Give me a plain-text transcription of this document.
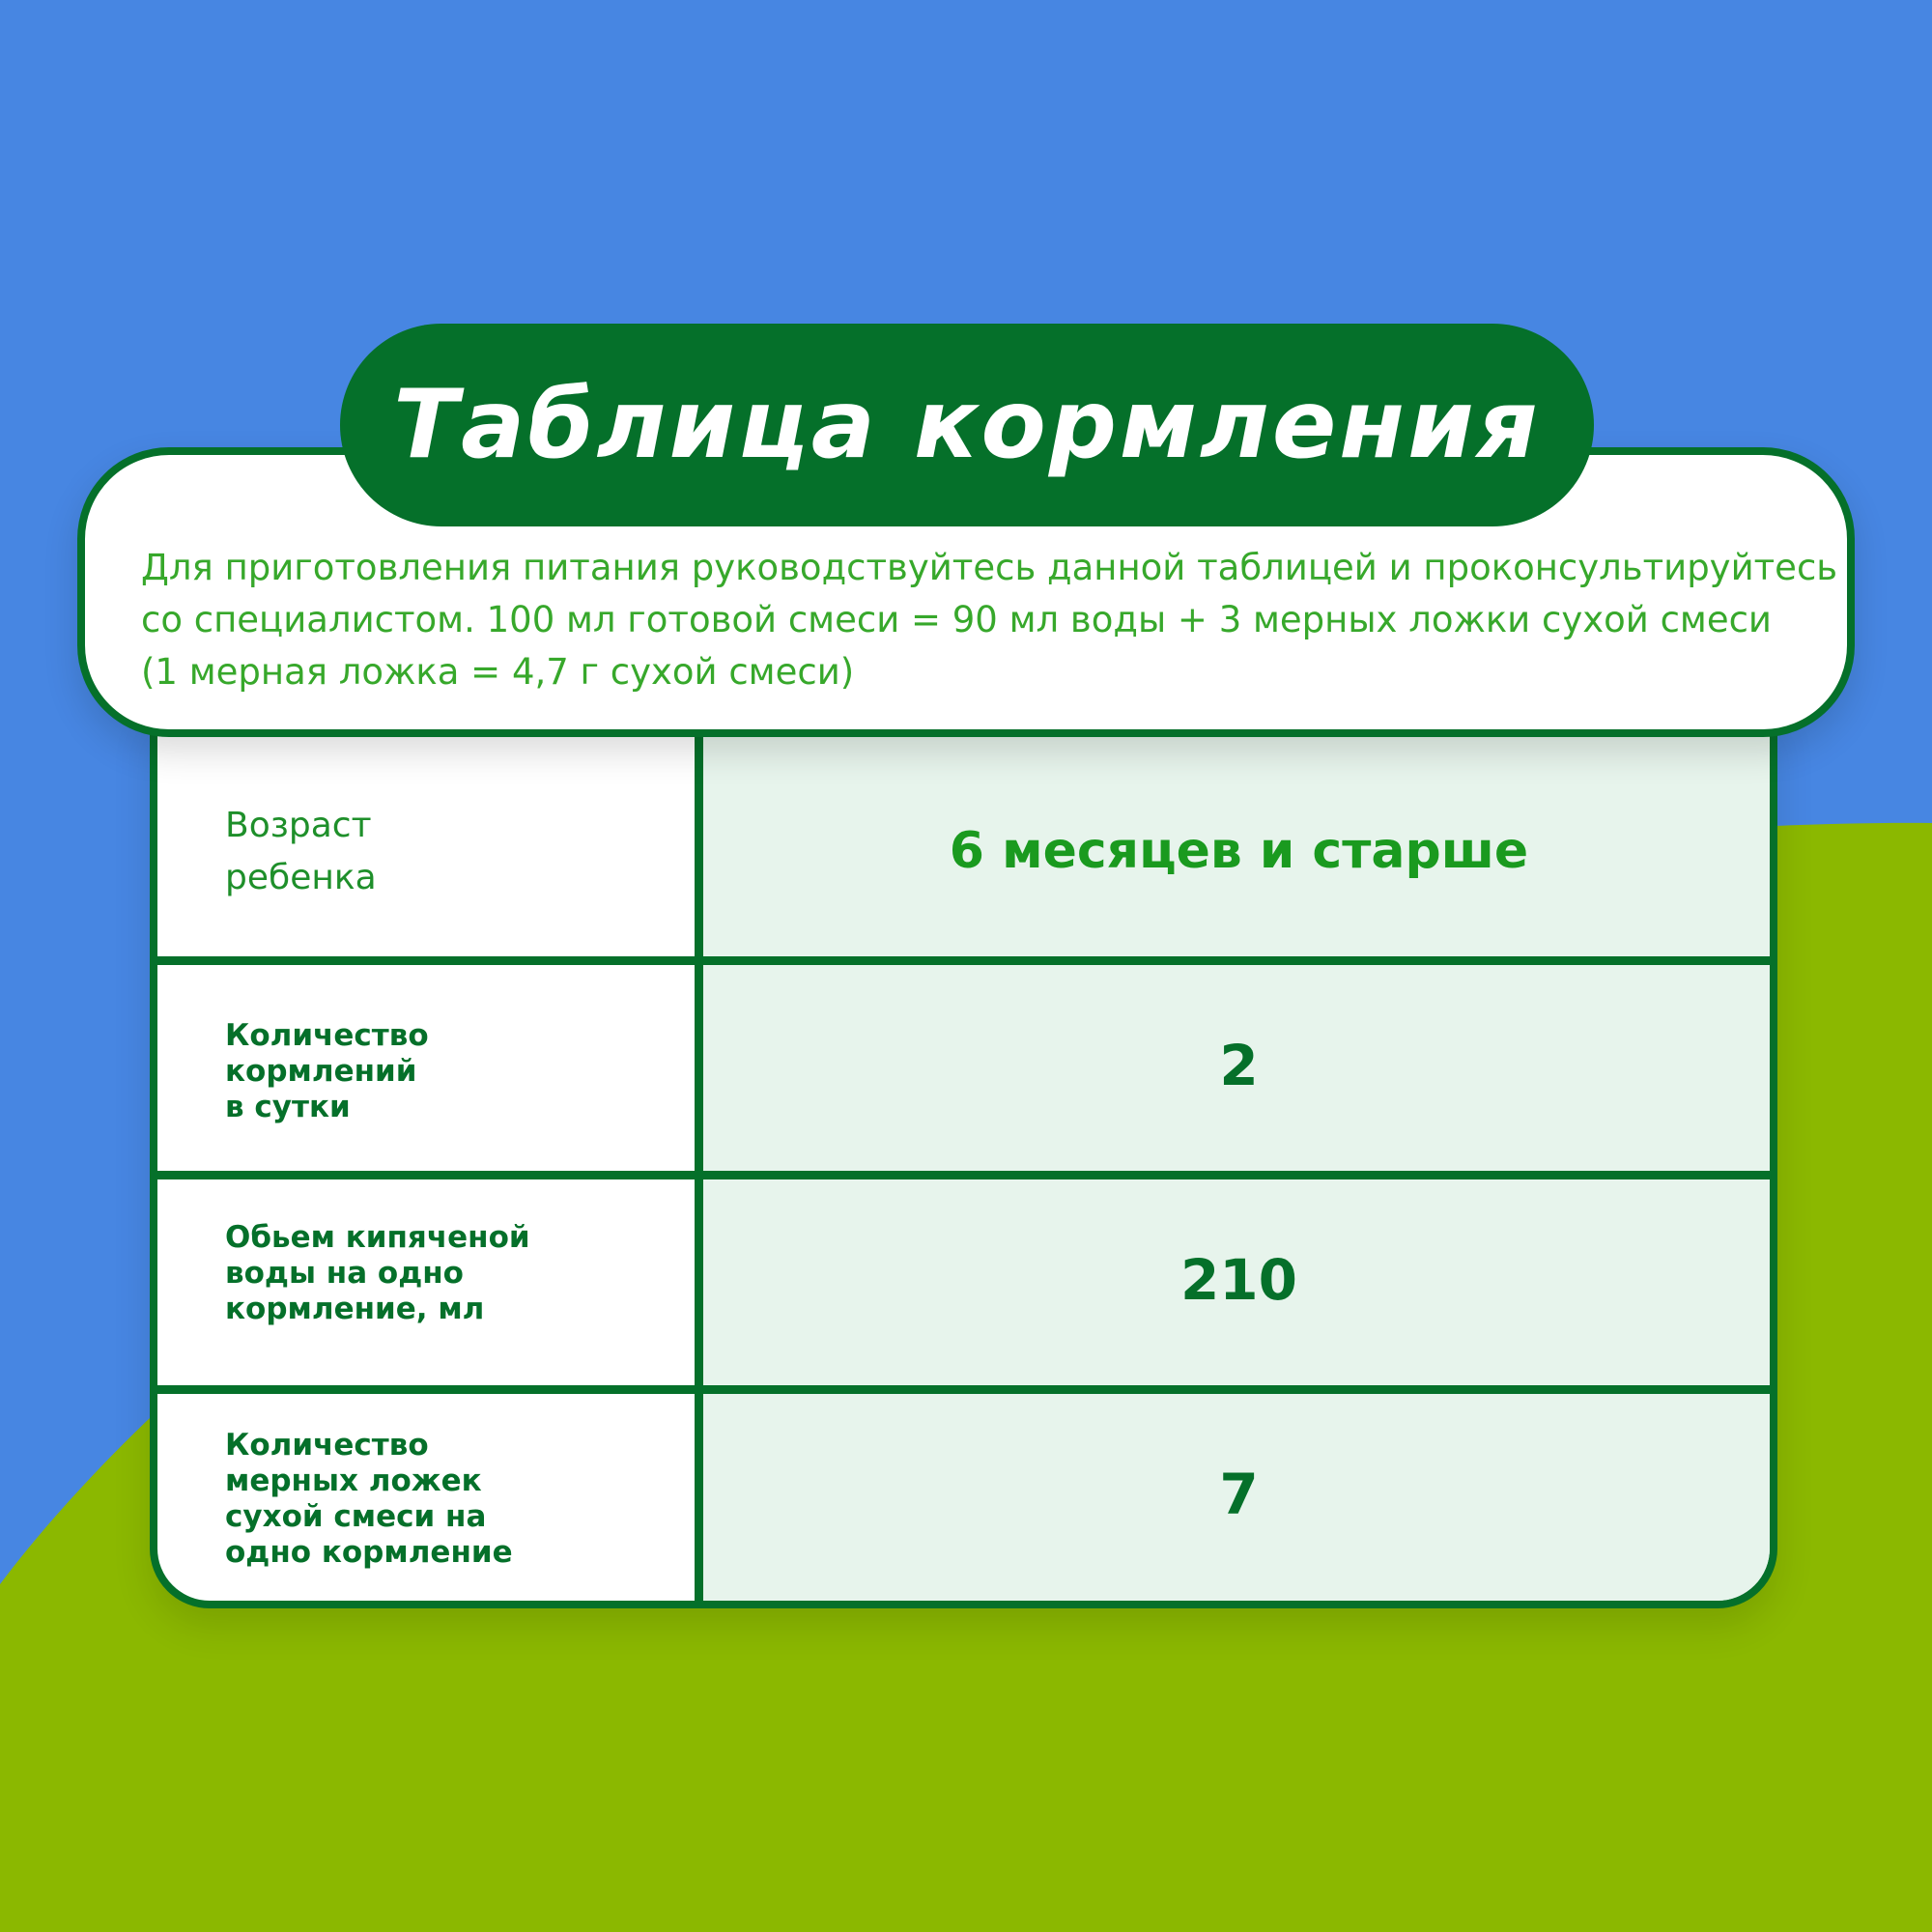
Возраст
ребенка	6 месяцев и старше
Количество
кормлений
в сутки
2
Обьем кипяченой
воды на одно
кормление, мл	210
Количество
мерных ложек
сухой смеси на
одно кормление
7
Для приготовления питания руководствуйтесь данной таблицей и проконсультируйтесь
со специалистом. 100 мл готовой смеси = 90 мл воды + 3 мерных ложки сухой смеси
(1 мерная ложка = 4,7 г сухой смеси)
Таблица кормления
